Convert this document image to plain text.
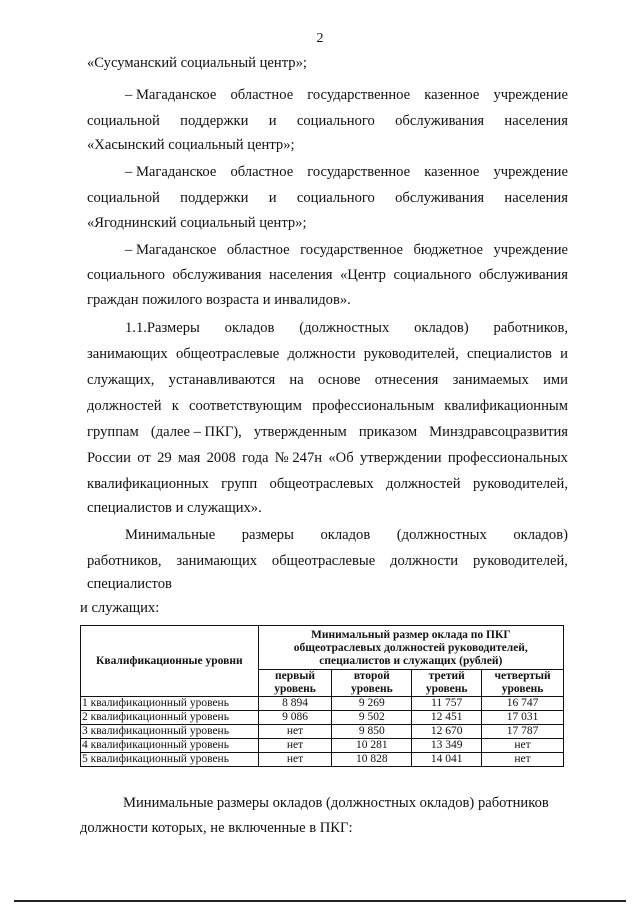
2
«Сусуманский социальный центр»;
– Магаданское областное государственное казенное учреждение
социальной поддержки и социального обслуживания населения
«Хасынский социальный центр»;
– Магаданское областное государственное казенное учреждение
социальной поддержки и социального обслуживания населения
«Ягоднинский социальный центр»;
– Магаданское областное государственное бюджетное учреждение
социального обслуживания населения «Центр социального обслуживания
граждан пожилого возраста и инвалидов».
1.1.Размеры окладов (должностных окладов) работников,
занимающих общеотраслевые должности руководителей, специалистов и
служащих, устанавливаются на основе отнесения занимаемых ими
должностей к соответствующим профессиональным квалификационным
группам (далее – ПКГ), утвержденным приказом Минздравсоцразвития
России от 29 мая 2008 года № 247н «Об утверждении профессиональных
квалификационных групп общеотраслевых должностей руководителей,
специалистов и служащих».
Минимальные размеры окладов (должностных окладов)
работников, занимающих общеотраслевые должности руководителей,
специалистов
и служащих:
Квалификационные уровни	Минимальный размер оклада по ПКГ общеотраслевых должностей руководителей, специалистов и служащих (рублей)			
	первый уровень	второй уровень	третий уровень	четвертый уровень
1 квалификационный уровень	8 894	9 269	11 757	16 747
2 квалификационный уровень	9 086	9 502	12 451	17 031
3 квалификационный уровень	нет	9 850	12 670	17 787
4 квалификационный уровень	нет	10 281	13 349	нет
5 квалификационный уровень	нет	10 828	14 041	нет
Минимальные размеры окладов (должностных окладов) работников
должности которых, не включенные в ПКГ:
